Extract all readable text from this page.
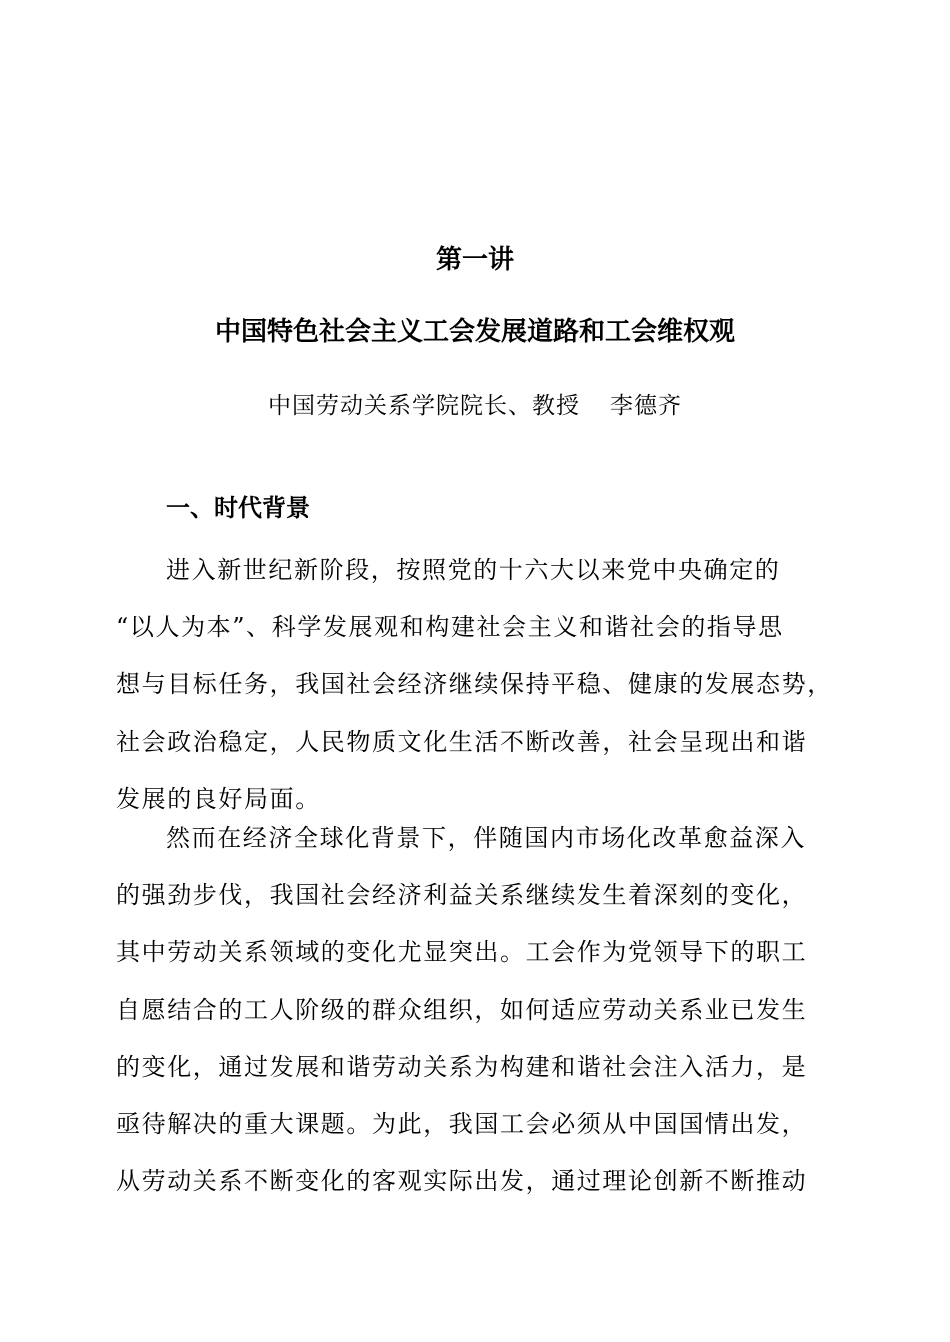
第一讲
中国特色社会主义工会发展道路和工会维权观

中国劳动关系学院院长、教授 李德齐

一、时代背景
进入新世纪新阶段，按照党的十六大以来党中央确定的
“以人为本”、科学发展观和构建社会主义和谐社会的指导思
想与目标任务，我国社会经济继续保持平稳、健康的发展态势，
社会政治稳定，人民物质文化生活不断改善，社会呈现出和谐
发展的良好局面。
然而在经济全球化背景下，伴随国内市场化改革愈益深入
的强劲步伐，我国社会经济利益关系继续发生着深刻的变化，
其中劳动关系领域的变化尤显突出。工会作为党领导下的职工
自愿结合的工人阶级的群众组织，如何适应劳动关系业已发生
的变化，通过发展和谐劳动关系为构建和谐社会注入活力，是
亟待解决的重大课题。为此，我国工会必须从中国国情出发，
从劳动关系不断变化的客观实际出发，通过理论创新不断推动
